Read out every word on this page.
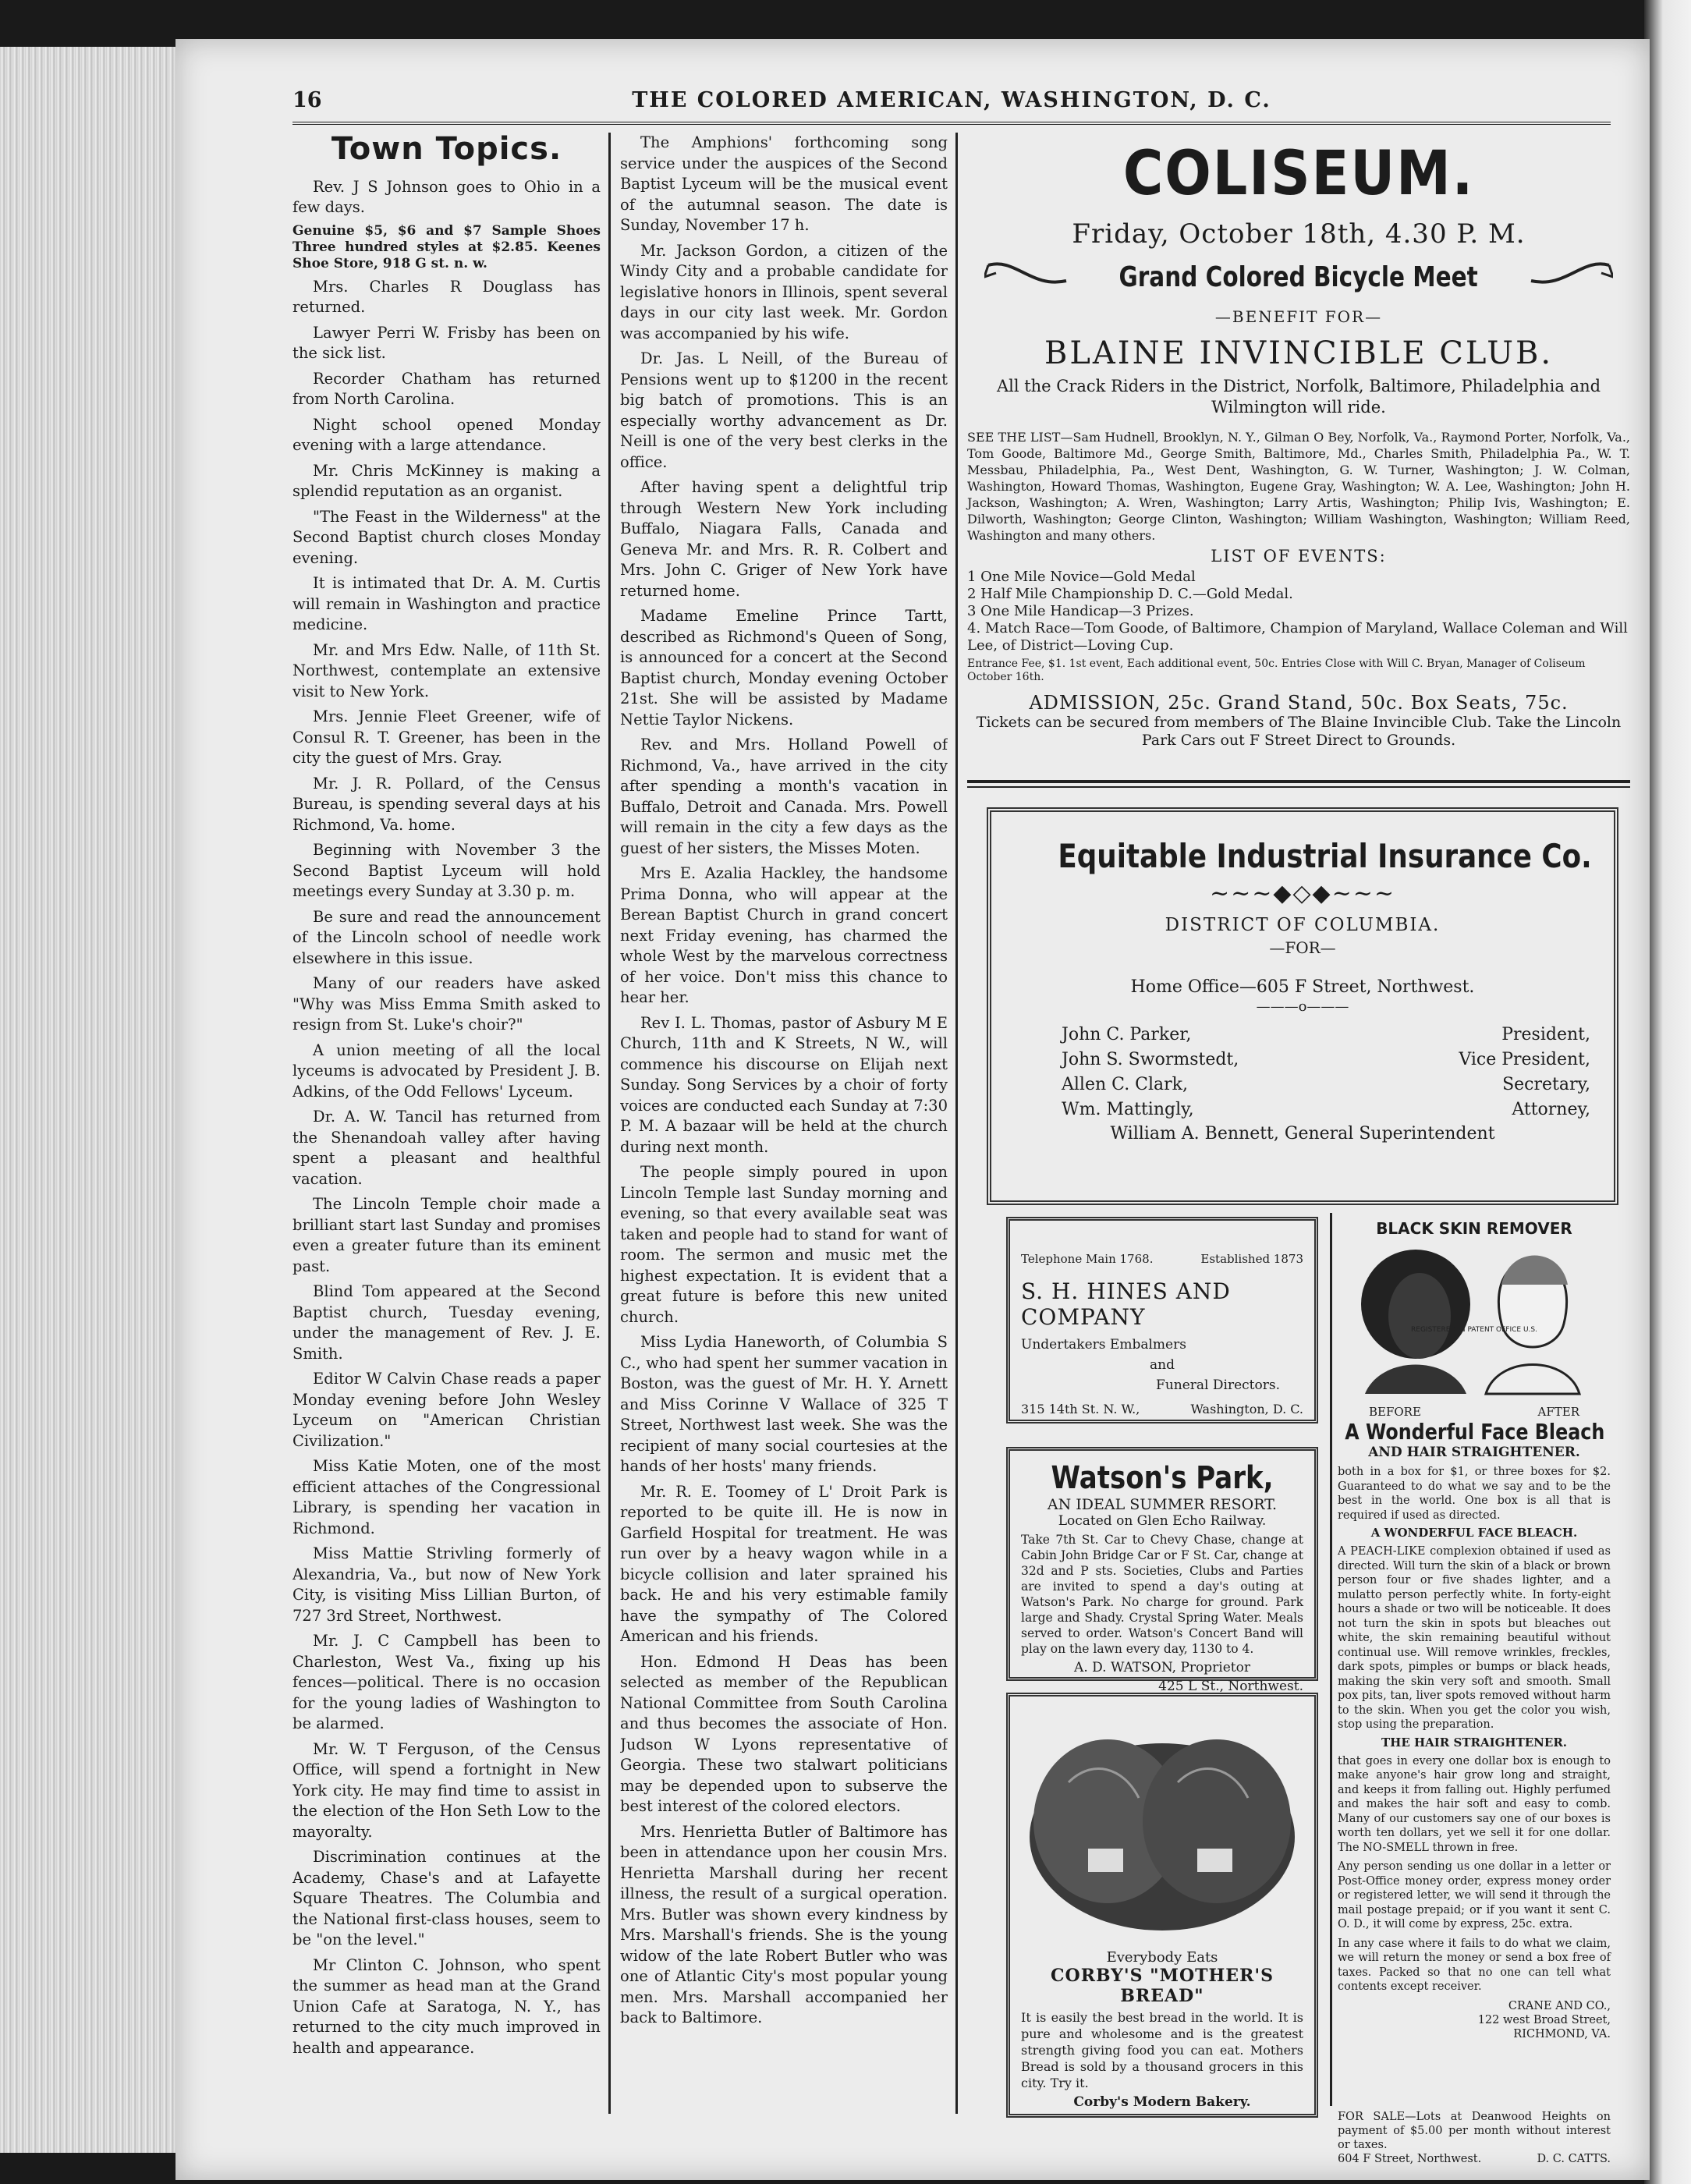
16	THE COLORED AMERICAN, WASHINGTON, D. C.
Town Topics.

Rev. J S Johnson goes to Ohio in a few days.

Genuine $5, $6 and $7 Sample Shoes Three hundred styles at $2.85. Keenes Shoe Store, 918 G st. n. w.

Mrs. Charles R Douglass has returned.

Lawyer Perri W. Frisby has been on the sick list.

Recorder Chatham has returned from North Carolina.

Night school opened Monday evening with a large attendance.

Mr. Chris McKinney is making a splendid reputation as an organist.

"The Feast in the Wilderness" at the Second Baptist church closes Monday evening.

It is intimated that Dr. A. M. Curtis will remain in Washington and practice medicine.

Mr. and Mrs Edw. Nalle, of 11th St. Northwest, contemplate an extensive visit to New York.

Mrs. Jennie Fleet Greener, wife of Consul R. T. Greener, has been in the city the guest of Mrs. Gray.

Mr. J. R. Pollard, of the Census Bureau, is spending several days at his Richmond, Va. home.

Beginning with November 3 the Second Baptist Lyceum will hold meetings every Sunday at 3.30 p. m.

Be sure and read the announcement of the Lincoln school of needle work elsewhere in this issue.

Many of our readers have asked "Why was Miss Emma Smith asked to resign from St. Luke's choir?"

A union meeting of all the local lyceums is advocated by President J. B. Adkins, of the Odd Fellows' Lyceum.

Dr. A. W. Tancil has returned from the Shenandoah valley after having spent a pleasant and healthful vacation.

The Lincoln Temple choir made a brilliant start last Sunday and promises even a greater future than its eminent past.

Blind Tom appeared at the Second Baptist church, Tuesday evening, under the management of Rev. J. E. Smith.

Editor W Calvin Chase reads a paper Monday evening before John Wesley Lyceum on "American Christian Civilization."

Miss Katie Moten, one of the most efficient attaches of the Congressional Library, is spending her vacation in Richmond.

Miss Mattie Strivling formerly of Alexandria, Va., but now of New York City, is visiting Miss Lillian Burton, of 727 3rd Street, Northwest.

Mr. J. C Campbell has been to Charleston, West Va., fixing up his fences—political. There is no occasion for the young ladies of Washington to be alarmed.

Mr. W. T Ferguson, of the Census Office, will spend a fortnight in New York city. He may find time to assist in the election of the Hon Seth Low to the mayoralty.

Discrimination continues at the Academy, Chase's and at Lafayette Square Theatres. The Columbia and the National first-class houses, seem to be "on the level."

Mr Clinton C. Johnson, who spent the summer as head man at the Grand Union Cafe at Saratoga, N. Y., has returned to the city much improved in health and appearance.

The Amphions' forthcoming song service under the auspices of the Second Baptist Lyceum will be the musical event of the autumnal season. The date is Sunday, November 17 h.

Mr. Jackson Gordon, a citizen of the Windy City and a probable candidate for legislative honors in Illinois, spent several days in our city last week. Mr. Gordon was accompanied by his wife.

Dr. Jas. L Neill, of the Bureau of Pensions went up to $1200 in the recent big batch of promotions. This is an especially worthy advancement as Dr. Neill is one of the very best clerks in the office.

After having spent a delightful trip through Western New York including Buffalo, Niagara Falls, Canada and Geneva Mr. and Mrs. R. R. Colbert and Mrs. John C. Griger of New York have returned home.

Madame Emeline Prince Tartt, described as Richmond's Queen of Song, is announced for a concert at the Second Baptist church, Monday evening October 21st. She will be assisted by Madame Nettie Taylor Nickens.

Rev. and Mrs. Holland Powell of Richmond, Va., have arrived in the city after spending a month's vacation in Buffalo, Detroit and Canada. Mrs. Powell will remain in the city a few days as the guest of her sisters, the Misses Moten.

Mrs E. Azalia Hackley, the handsome Prima Donna, who will appear at the Berean Baptist Church in grand concert next Friday evening, has charmed the whole West by the marvelous correctness of her voice. Don't miss this chance to hear her.

Rev I. L. Thomas, pastor of Asbury M E Church, 11th and K Streets, N W., will commence his discourse on Elijah next Sunday. Song Services by a choir of forty voices are conducted each Sunday at 7:30 P. M. A bazaar will be held at the church during next month.

The people simply poured in upon Lincoln Temple last Sunday morning and evening, so that every available seat was taken and people had to stand for want of room. The sermon and music met the highest expectation. It is evident that a great future is before this new united church.

Miss Lydia Haneworth, of Columbia S C., who had spent her summer vacation in Boston, was the guest of Mr. H. Y. Arnett and Miss Corinne V Wallace of 325 T Street, Northwest last week. She was the recipient of many social courtesies at the hands of her hosts' many friends.

Mr. R. E. Toomey of L' Droit Park is reported to be quite ill. He is now in Garfield Hospital for treatment. He was run over by a heavy wagon while in a bicycle collision and later sprained his back. He and his very estimable family have the sympathy of The Colored American and his friends.

Hon. Edmond H Deas has been selected as member of the Republican National Committee from South Carolina and thus becomes the associate of Hon. Judson W Lyons representative of Georgia. These two stalwart politicians may be depended upon to subserve the best interest of the colored electors.

Mrs. Henrietta Butler of Baltimore has been in attendance upon her cousin Mrs. Henrietta Marshall during her recent illness, the result of a surgical operation. Mrs. Butler was shown every kindness by Mrs. Marshall's friends. She is the young widow of the late Robert Butler who was one of Atlantic City's most popular young men. Mrs. Marshall accompanied her back to Baltimore.

COLISEUM.
Friday, October 18th, 4.30 P. M.
Grand Colored Bicycle Meet
—BENEFIT FOR—
BLAINE INVINCIBLE CLUB.
All the Crack Riders in the District, Norfolk, Baltimore, Philadelphia and Wilmington will ride.
SEE THE LIST—Sam Hudnell, Brooklyn, N. Y., Gilman O Bey, Norfolk, Va., Raymond Porter, Norfolk, Va., Tom Goode, Baltimore Md., George Smith, Baltimore, Md., Charles Smith, Philadelphia Pa., W. T. Messbau, Philadelphia, Pa., West Dent, Washington, G. W. Turner, Washington; J. W. Colman, Washington, Howard Thomas, Washington, Eugene Gray, Washington; W. A. Lee, Washington; John H. Jackson, Washington; A. Wren, Washington; Larry Artis, Washington; Philip Ivis, Washington; E. Dilworth, Washington; George Clinton, Washington; William Washington, Washington; William Reed, Washington and many others.
LIST OF EVENTS:
1 One Mile Novice—Gold Medal
2 Half Mile Championship D. C.—Gold Medal.
3 One Mile Handicap—3 Prizes.
4. Match Race—Tom Goode, of Baltimore, Champion of Maryland, Wallace Coleman and Will Lee, of District—Loving Cup.
Entrance Fee, $1. 1st event, Each additional event, 50c. Entries Close with Will C. Bryan, Manager of Coliseum October 16th.
ADMISSION, 25c. Grand Stand, 50c. Box Seats, 75c.
Tickets can be secured from members of The Blaine Invincible Club. Take the Lincoln Park Cars out F Street Direct to Grounds.
Equitable Industrial Insurance Co.
~~~◆◇◆~~~
DISTRICT OF COLUMBIA.
—FOR—
Home Office—605 F Street, Northwest.
———o———
John C. Parker,	President,
John S. Swormstedt,	Vice President,
Allen C. Clark,	Secretary,
Wm. Mattingly,	Attorney,
William A. Bennett, General Superintendent
Telephone Main 1768.	Established 1873
S. H. HINES AND COMPANY
Undertakers Embalmers
and
Funeral Directors.
315 14th St. N. W.,	Washington, D. C.
Watson's Park,
AN IDEAL SUMMER RESORT.
Located on Glen Echo Railway.
Take 7th St. Car to Chevy Chase, change at Cabin John Bridge Car or F St. Car, change at 32d and P sts. Societies, Clubs and Parties are invited to spend a day's outing at Watson's Park. No charge for ground. Park large and Shady. Crystal Spring Water. Meals served to order. Watson's Concert Band will play on the lawn every day, 1130 to 4.
A. D. WATSON, Proprietor
425 L St., Northwest.
Everybody Eats
CORBY'S "MOTHER'S BREAD"
It is easily the best bread in the world. It is pure and wholesome and is the greatest strength giving food you can eat. Mothers Bread is sold by a thousand grocers in this city. Try it.
Corby's Modern Bakery.
BLACK SKIN REMOVER
REGISTERED IN PATENT OFFICE U.S.
BEFORE	AFTER
A Wonderful Face Bleach
AND HAIR STRAIGHTENER.
both in a box for $1, or three boxes for $2. Guaranteed to do what we say and to be the best in the world. One box is all that is required if used as directed.
A WONDERFUL FACE BLEACH.
A PEACH-LIKE complexion obtained if used as directed. Will turn the skin of a black or brown person four or five shades lighter, and a mulatto person perfectly white. In forty-eight hours a shade or two will be noticeable. It does not turn the skin in spots but bleaches out white, the skin remaining beautiful without continual use. Will remove wrinkles, freckles, dark spots, pimples or bumps or black heads, making the skin very soft and smooth. Small pox pits, tan, liver spots removed without harm to the skin. When you get the color you wish, stop using the preparation.
THE HAIR STRAIGHTENER.
that goes in every one dollar box is enough to make anyone's hair grow long and straight, and keeps it from falling out. Highly perfumed and makes the hair soft and easy to comb. Many of our customers say one of our boxes is worth ten dollars, yet we sell it for one dollar. The NO-SMELL thrown in free.
Any person sending us one dollar in a letter or Post-Office money order, express money order or registered letter, we will send it through the mail postage prepaid; or if you want it sent C. O. D., it will come by express, 25c. extra.
In any case where it fails to do what we claim, we will return the money or send a box free of taxes. Packed so that no one can tell what contents except receiver.
CRANE AND CO.,
122 west Broad Street,
RICHMOND, VA.
FOR SALE—Lots at Deanwood Heights on payment of $5.00 per month without interest or taxes.
604 F Street, Northwest.	D. C. CATTS.
